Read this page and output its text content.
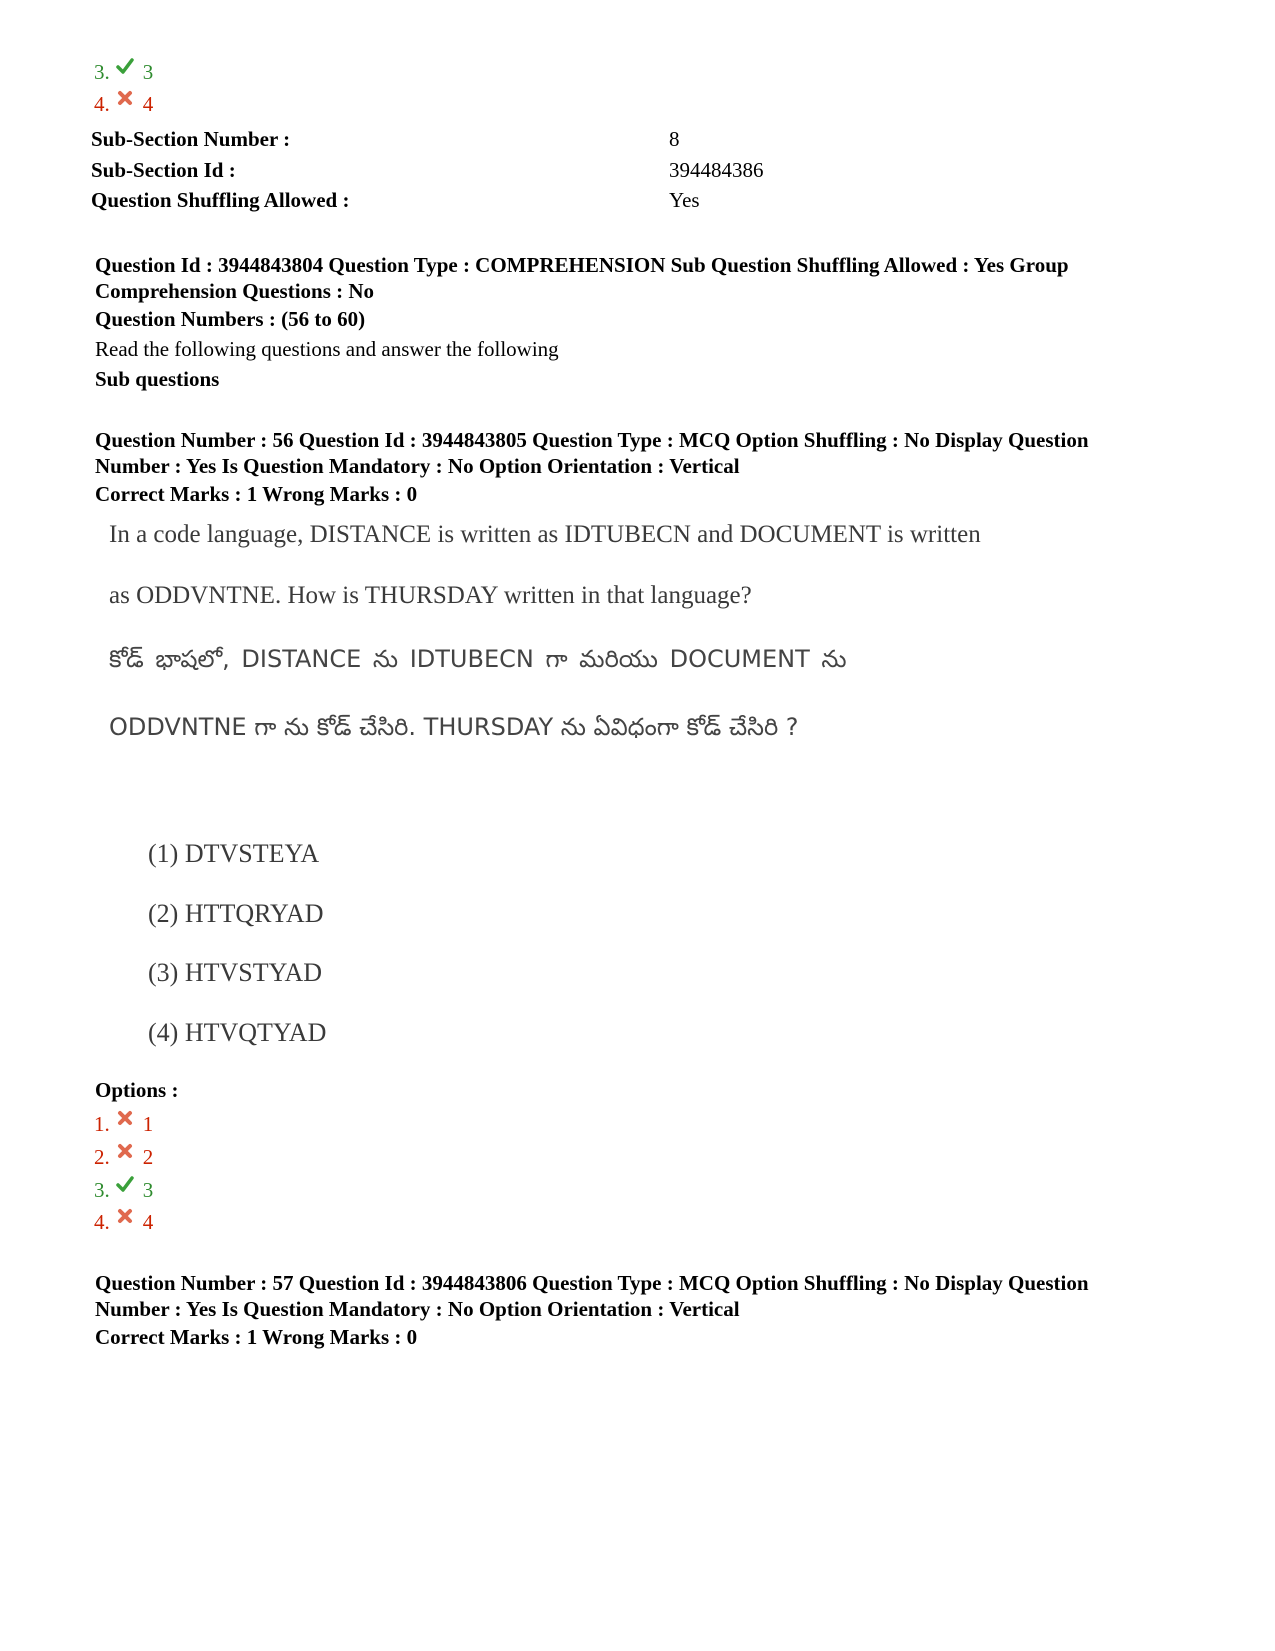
3. 3
4. 4
Sub-Section Number :	8
Sub-Section Id :	394484386
Question Shuffling Allowed :	Yes
Question Id : 3944843804 Question Type : COMPREHENSION Sub Question Shuffling Allowed : Yes Group
Comprehension Questions : No
Question Numbers : (56 to 60)
Read the following questions and answer the following
Sub questions
Question Number : 56 Question Id : 3944843805 Question Type : MCQ Option Shuffling : No Display Question
Number : Yes Is Question Mandatory : No Option Orientation : Vertical
Correct Marks : 1 Wrong Marks : 0
In a code language, DISTANCE is written as IDTUBECN and DOCUMENT is written
as ODDVNTNE. How is THURSDAY written in that language?
కోడ్ భాషలో, DISTANCE ను IDTUBECN గా మరియు DOCUMENT ను
ODDVNTNE గా ను కోడ్ చేసిరి. THURSDAY ను ఏవిధంగా కోడ్ చేసిరి ?
(1) DTVSTEYA
(2) HTTQRYAD
(3) HTVSTYAD
(4) HTVQTYAD
Options :
1. 1
2. 2
3. 3
4. 4
Question Number : 57 Question Id : 3944843806 Question Type : MCQ Option Shuffling : No Display Question
Number : Yes Is Question Mandatory : No Option Orientation : Vertical
Correct Marks : 1 Wrong Marks : 0
